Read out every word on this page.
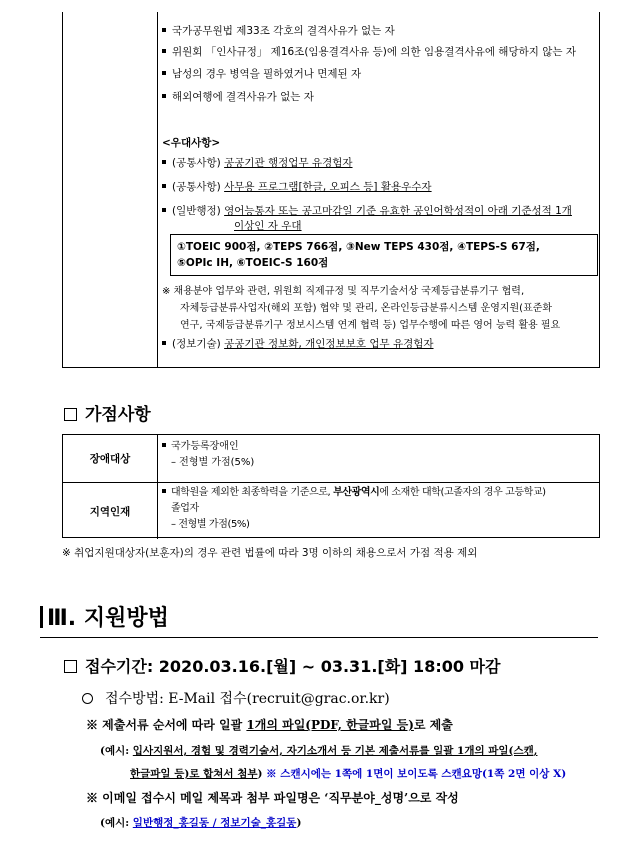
국가공무원법 제33조 각호의 결격사유가 없는 자
위원회 「인사규정」 제16조(임용결격사유 등)에 의한 임용결격사유에 해당하지 않는 자
남성의 경우 병역을 필하였거나 면제된 자
해외여행에 결격사유가 없는 자
<우대사항>
(공통사항) 공공기관 행정업무 유경험자
(공통사항) 사무용 프로그램[한글, 오피스 등] 활용우수자
(일반행정) 영어능통자 또는 공고마감일 기준 유효한 공인어학성적이 아래 기준성적 1개
이상인 자 우대
①TOEIC 900점, ②TEPS 766점, ③New TEPS 430점, ④TEPS-S 67점,
⑤OPIc IH, ⑥TOEIC-S 160점
※ 채용분야 업무와 관련, 위원회 직제규정 및 직무기술서상 국제등급분류기구 협력,
자체등급분류사업자(해외 포함) 협약 및 관리, 온라인등급분류시스템 운영지원(표준화
연구, 국제등급분류기구 정보시스템 연계 협력 등) 업무수행에 따른 영어 능력 활용 필요
(정보기술) 공공기관 정보화, 개인정보보호 업무 유경험자
가점사항
장애대상
국가등록장애인
– 전형별 가점(5%)
지역인재
대학원을 제외한 최종학력을 기준으로, 부산광역시에 소재한 대학(고졸자의 경우 고등학교)
졸업자
– 전형별 가점(5%)
※ 취업지원대상자(보훈자)의 경우 관련 법률에 따라 3명 이하의 채용으로서 가점 적용 제외
Ⅲ. 지원방법
접수기간: 2020.03.16.[월] ~ 03.31.[화] 18:00 마감
접수방법: E-Mail 접수(recruit@grac.or.kr)
※ 제출서류 순서에 따라 일괄 1개의 파일(PDF, 한글파일 등)로 제출
(예시: 입사지원서, 경험 및 경력기술서, 자기소개서 등 기본 제출서류를 일괄 1개의 파일(스캔,
한글파일 등)로 합쳐서 첨부) ※ 스캔시에는 1쪽에 1면이 보이도록 스캔요망(1쪽 2면 이상 X)
※ 이메일 접수시 메일 제목과 첨부 파일명은 ‘직무분야_성명’으로 작성
(예시: 일반행정_홍길동 / 정보기술_홍길동)
